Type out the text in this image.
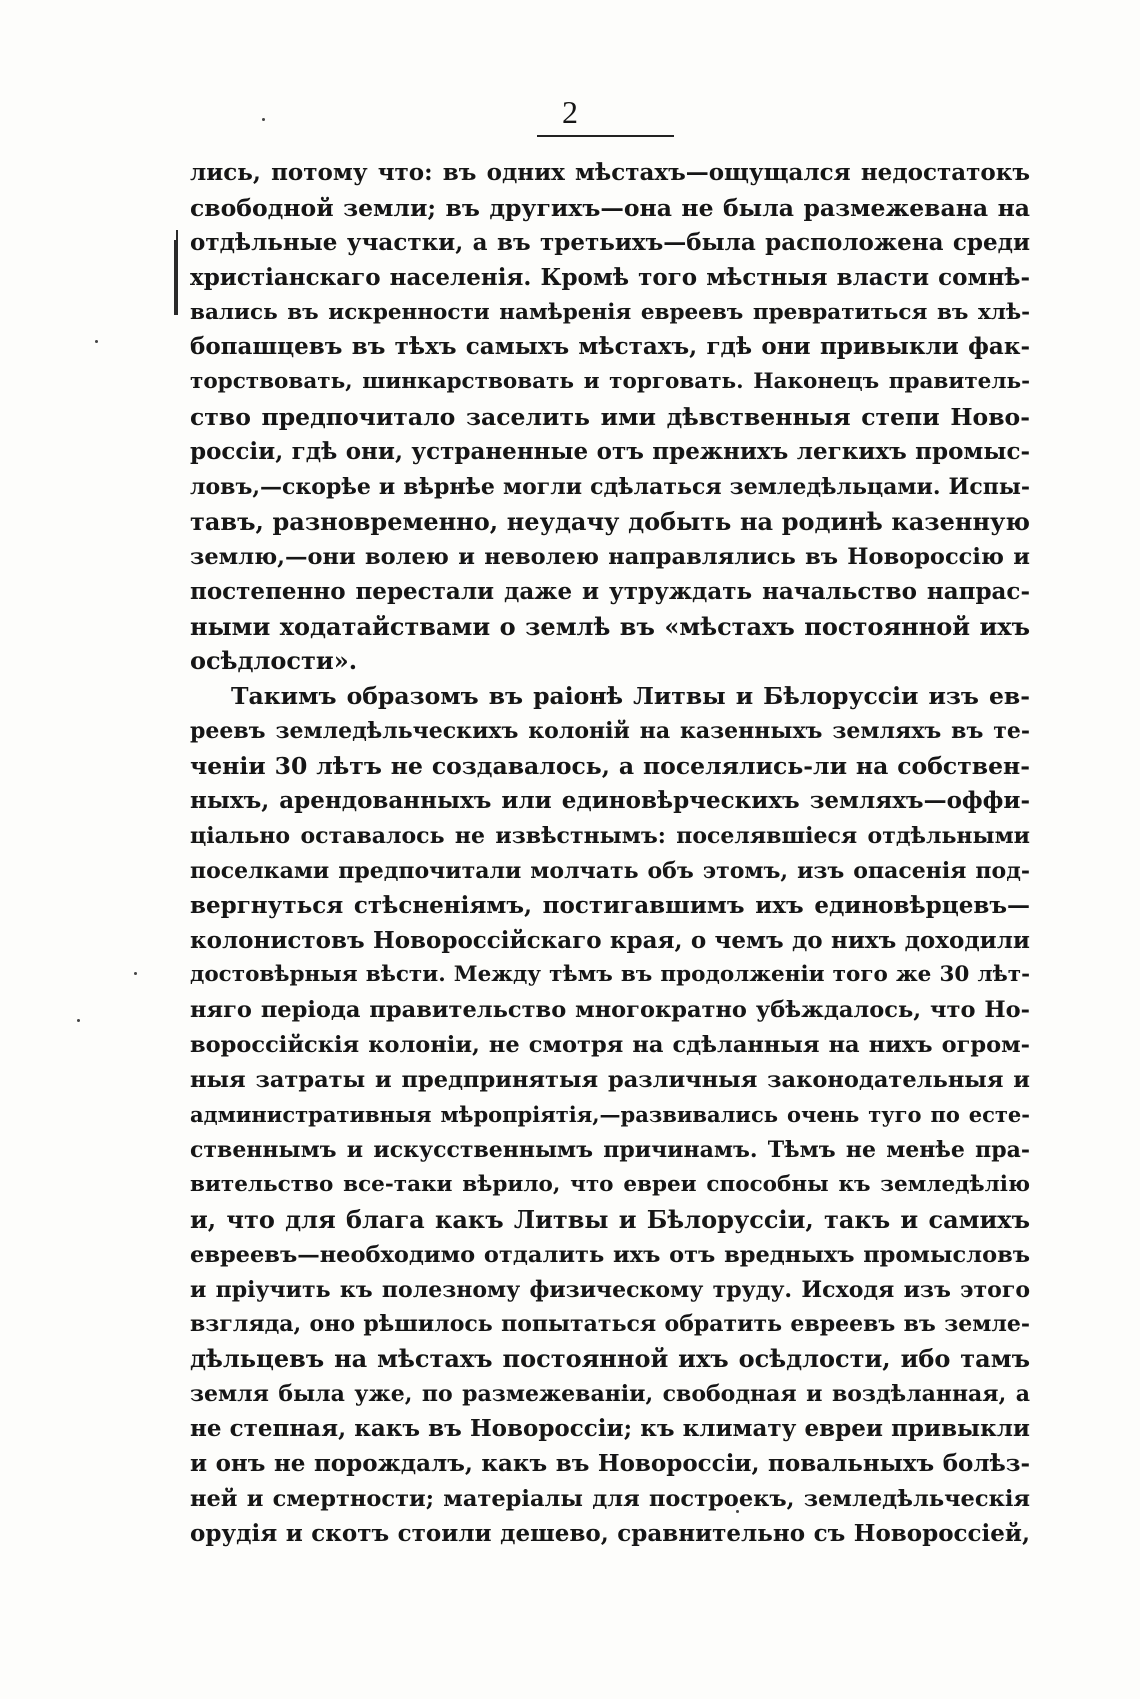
2
лись, потому что: въ одних мѣстахъ—ощущался недостатокъ
свободной земли; въ другихъ—она не была размежевана на
отдѣльные участки, а въ третьихъ—была расположена среди
христіанскаго населенія. Кромѣ того мѣстныя власти сомнѣ-
вались въ искренности намѣренія евреевъ превратиться въ хлѣ-
бопашцевъ въ тѣхъ самыхъ мѣстахъ, гдѣ они привыкли фак-
торствовать, шинкарствовать и торговать. Наконецъ правитель-
ство предпочитало заселить ими дѣвственныя степи Ново-
россіи, гдѣ они, устраненные отъ прежнихъ легкихъ промыс-
ловъ,—скорѣе и вѣрнѣе могли сдѣлаться земледѣльцами. Испы-
тавъ, разновременно, неудачу добыть на родинѣ казенную
землю,—они волею и неволею направлялись въ Новороссію и
постепенно перестали даже и утруждать начальство напрас-
ными ходатайствами о землѣ въ «мѣстахъ постоянной ихъ
осѣдлости».
Такимъ образомъ въ раіонѣ Литвы и Бѣлоруссіи изъ ев-
реевъ земледѣльческихъ колоній на казенныхъ земляхъ въ те-
ченіи 30 лѣтъ не создавалось, а поселялись-ли на собствен-
ныхъ, арендованныхъ или единовѣрческихъ земляхъ—оффи-
ціально оставалось не извѣстнымъ: поселявшіеся отдѣльными
поселками предпочитали молчать объ этомъ, изъ опасенія под-
вергнуться стѣсненіямъ, постигавшимъ ихъ единовѣрцевъ—
колонистовъ Новороссійскаго края, о чемъ до нихъ доходили
достовѣрныя вѣсти. Между тѣмъ въ продолженіи того же 30 лѣт-
няго періода правительство многократно убѣждалось, что Но-
вороссійскія колоніи, не смотря на сдѣланныя на нихъ огром-
ныя затраты и предпринятыя различныя законодательныя и
административныя мѣропріятія,—развивались очень туго по есте-
ственнымъ и искусственнымъ причинамъ. Тѣмъ не менѣе пра-
вительство все-таки вѣрило, что евреи способны къ земледѣлію
и, что для блага какъ Литвы и Бѣлоруссіи, такъ и самихъ
евреевъ—необходимо отдалить ихъ отъ вредныхъ промысловъ
и пріучить къ полезному физическому труду. Исходя изъ этого
взгляда, оно рѣшилось попытаться обратить евреевъ въ земле-
дѣльцевъ на мѣстахъ постоянной ихъ осѣдлости, ибо тамъ
земля была уже, по размежеваніи, свободная и воздѣланная, а
не степная, какъ въ Новороссіи; къ климату евреи привыкли
и онъ не порождалъ, какъ въ Новороссіи, повальныхъ болѣз-
ней и смертности; матеріалы для построекъ, земледѣльческія
орудія и скотъ стоили дешево, сравнительно съ Новороссіей,
